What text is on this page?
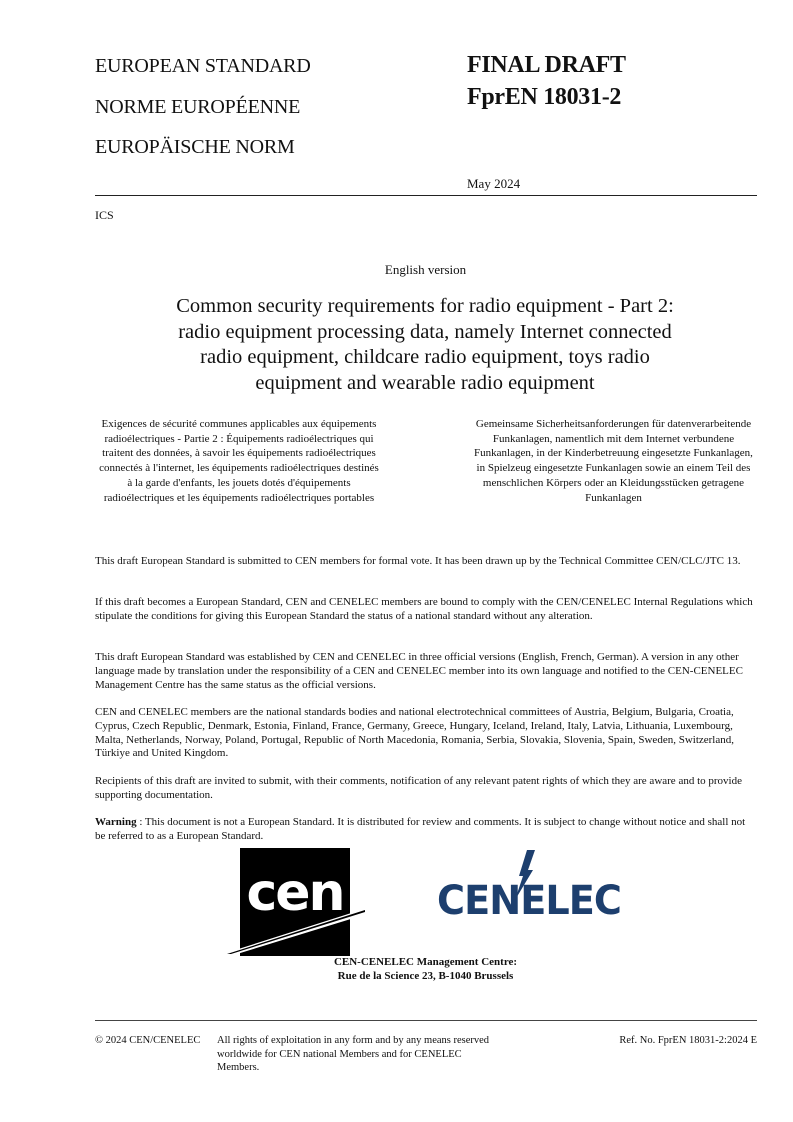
EUROPEAN STANDARD
NORME EUROPÉENNE
EUROPÄISCHE NORM
FINAL DRAFT
FprEN 18031-2
May 2024
ICS
English version
Common security requirements for radio equipment - Part 2: radio equipment processing data, namely Internet connected radio equipment, childcare radio equipment, toys radio equipment and wearable radio equipment
Exigences de sécurité communes applicables aux équipements radioélectriques - Partie 2 : Équipements radioélectriques qui traitent des données, à savoir les équipements radioélectriques connectés à l'internet, les équipements radioélectriques destinés à la garde d'enfants, les jouets dotés d'équipements radioélectriques et les équipements radioélectriques portables
Gemeinsame Sicherheitsanforderungen für datenverarbeitende Funkanlagen, namentlich mit dem Internet verbundene Funkanlagen, in der Kinderbetreuung eingesetzte Funkanlagen, in Spielzeug eingesetzte Funkanlagen sowie an einem Teil des menschlichen Körpers oder an Kleidungsstücken getragene Funkanlagen
This draft European Standard is submitted to CEN members for formal vote. It has been drawn up by the Technical Committee CEN/CLC/JTC 13.
If this draft becomes a European Standard, CEN and CENELEC members are bound to comply with the CEN/CENELEC Internal Regulations which stipulate the conditions for giving this European Standard the status of a national standard without any alteration.
This draft European Standard was established by CEN and CENELEC in three official versions (English, French, German). A version in any other language made by translation under the responsibility of a CEN and CENELEC member into its own language and notified to the CEN-CENELEC Management Centre has the same status as the official versions.
CEN and CENELEC members are the national standards bodies and national electrotechnical committees of Austria, Belgium, Bulgaria, Croatia, Cyprus, Czech Republic, Denmark, Estonia, Finland, France, Germany, Greece, Hungary, Iceland, Ireland, Italy, Latvia, Lithuania, Luxembourg, Malta, Netherlands, Norway, Poland, Portugal, Republic of North Macedonia, Romania, Serbia, Slovakia, Slovenia, Spain, Sweden, Switzerland, Türkiye and United Kingdom.
Recipients of this draft are invited to submit, with their comments, notification of any relevant patent rights of which they are aware and to provide supporting documentation.
Warning : This document is not a European Standard. It is distributed for review and comments. It is subject to change without notice and shall not be referred to as a European Standard.
cen CENELEC
CEN-CENELEC Management Centre:
Rue de la Science 23, B-1040 Brussels
© 2024 CEN/CENELEC All rights of exploitation in any form and by any means reserved worldwide for CEN national Members and for CENELEC Members.
Ref. No. FprEN 18031-2:2024 E
